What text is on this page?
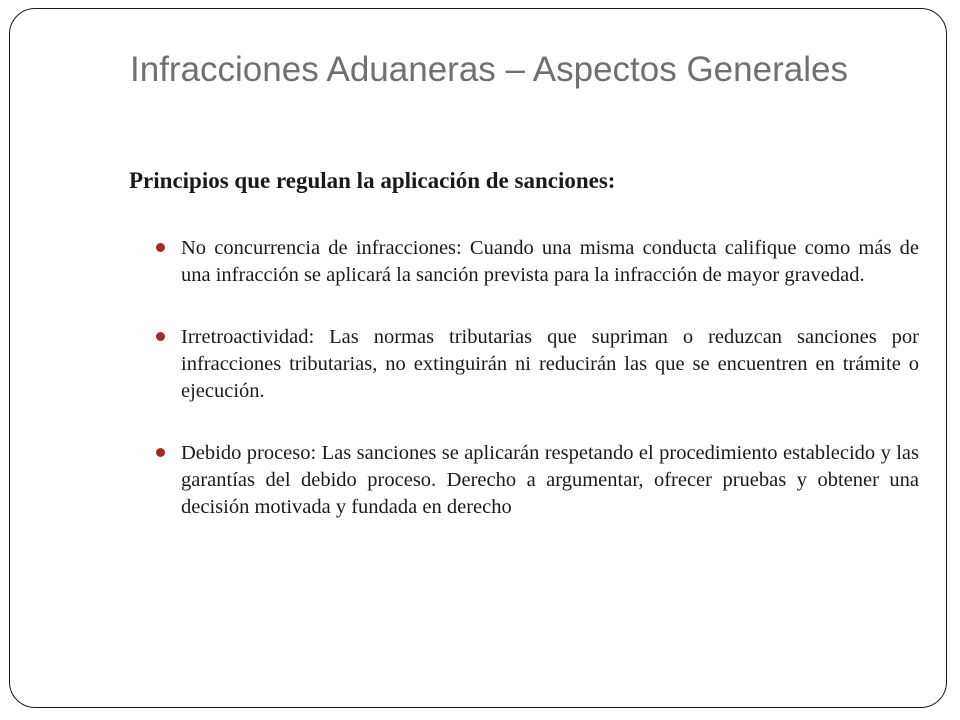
Infracciones Aduaneras – Aspectos Generales

Principios que regulan la aplicación de sanciones:

No concurrencia de infracciones: Cuando una misma conducta califique como más de una infracción se aplicará la sanción prevista para la infracción de mayor gravedad.
Irretroactividad: Las normas tributarias que supriman o reduzcan sanciones por infracciones tributarias, no extinguirán ni reducirán las que se encuentren en trámite o ejecución.
Debido proceso: Las sanciones se aplicarán respetando el procedimiento establecido y las garantías del debido proceso. Derecho a argumentar, ofrecer pruebas y obtener una decisión motivada y fundada en derecho
